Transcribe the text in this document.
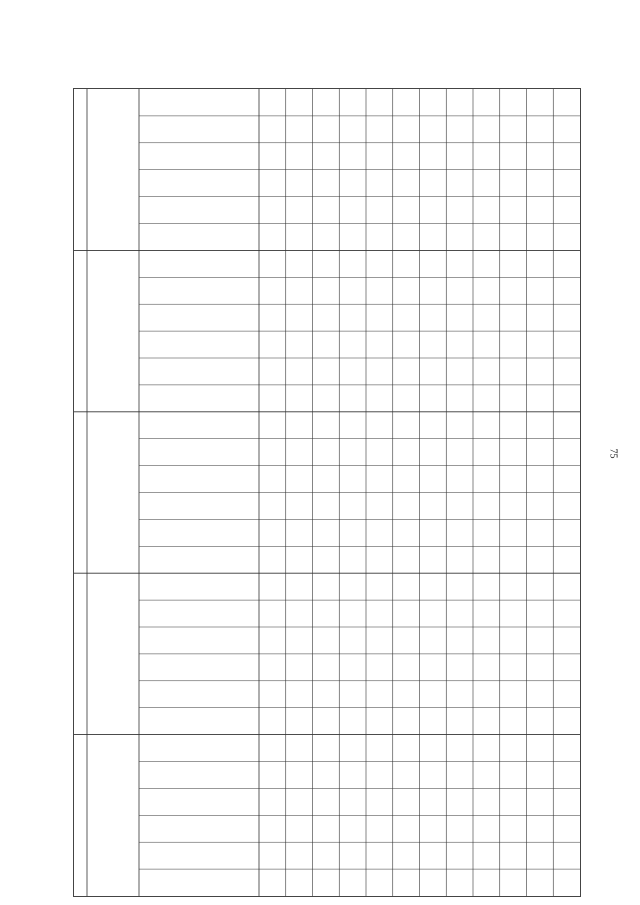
75
